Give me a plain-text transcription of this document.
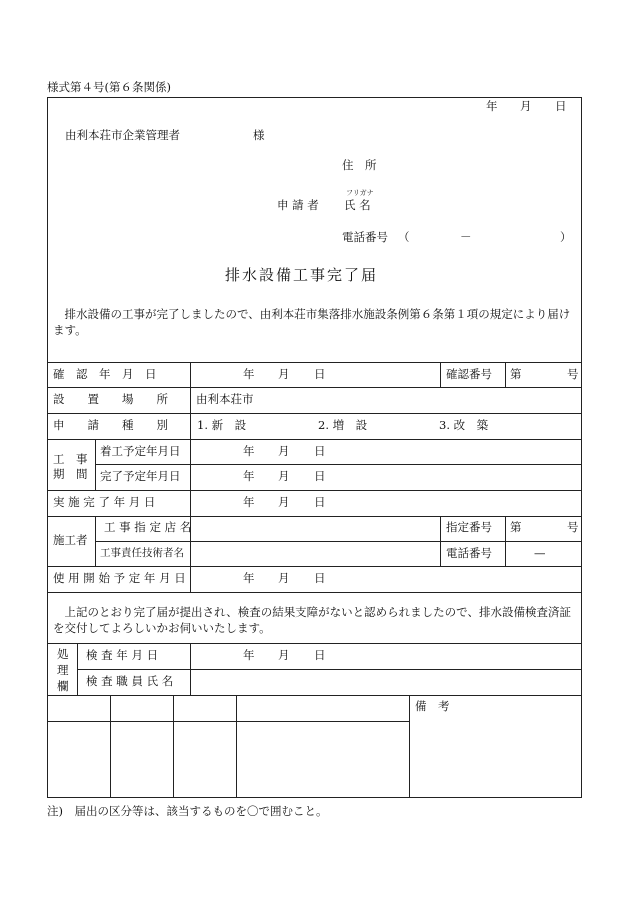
様式第４号(第６条関係)
年 月 日
由利本荘市企業管理者	様
住　所
フリガナ
申 請 者 氏 名
電話番号 （	－	）
排水設備工事完了届
　排水設備の工事が完了しましたので、由利本荘市集落排水施設条例第６条第１項の規定により届けます。
確　認　年　月　日	年 月 日	確認番号 第	号
設　　置　　場　　所 由利本荘市
申　　請　　種　　別	1. 新　設	2. 増　設	3. 改　築
工　事
期　間
着工予定年月日	年 月 日
完了予定年月日	年 月 日
実 施 完 了 年 月 日	年 月 日
施工者
工 事 指 定 店 名	指定番号 第	号
工事責任技術者名	電話番号	—
使 用 開 始 予 定 年 月 日	年 月 日
　上記のとおり完了届が提出され、検査の結果支障がないと認められましたので、排水設備検査済証を交付してよろしいかお伺いいたします。
処
理
欄
検 査 年 月 日	年 月 日
検 査 職 員 氏 名
備　考
注)　届出の区分等は、該当するものを〇で囲むこと。
